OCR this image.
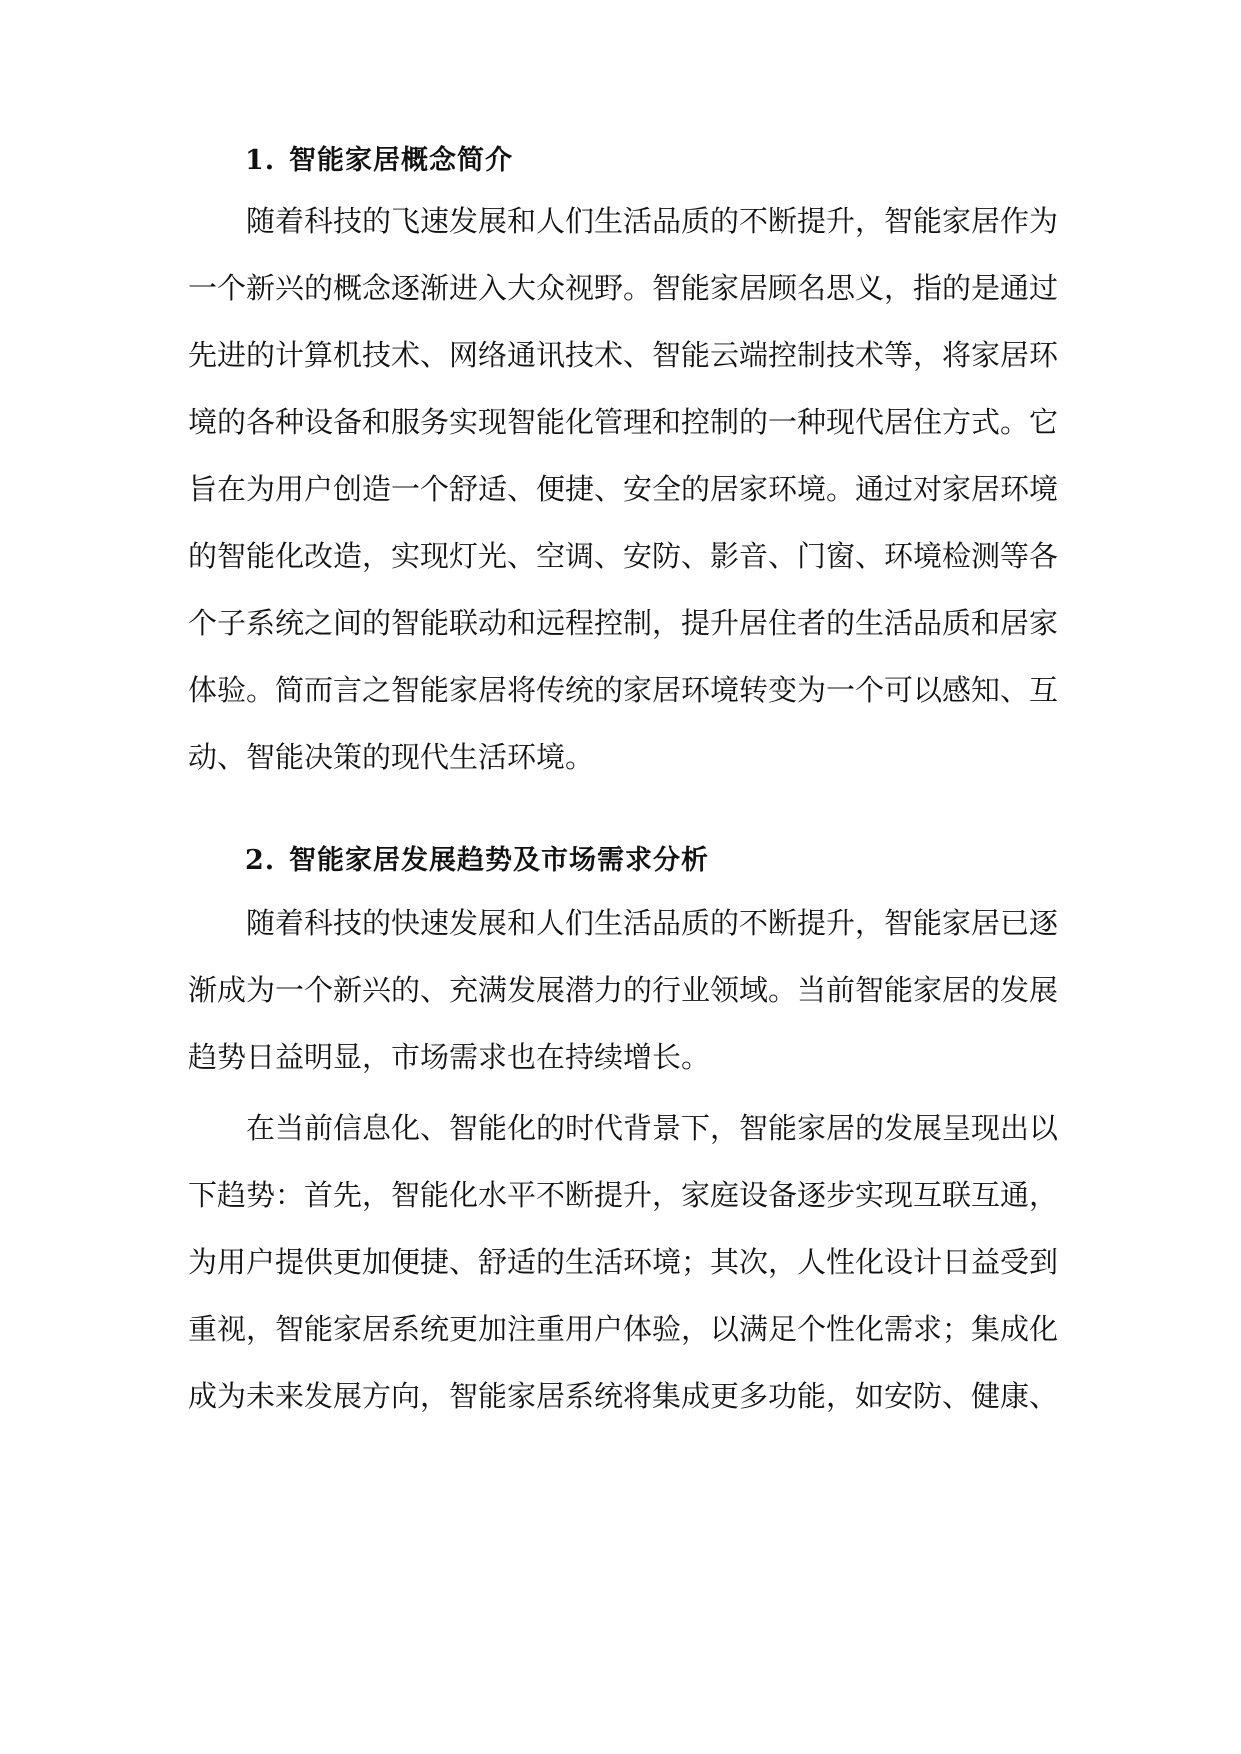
1. 智能家居概念简介
随着科技的飞速发展和人们生活品质的不断提升，智能家居作为
一个新兴的概念逐渐进入大众视野。智能家居顾名思义，指的是通过
先进的计算机技术、网络通讯技术、智能云端控制技术等，将家居环
境的各种设备和服务实现智能化管理和控制的一种现代居住方式。它
旨在为用户创造一个舒适、便捷、安全的居家环境。通过对家居环境
的智能化改造，实现灯光、空调、安防、影音、门窗、环境检测等各
个子系统之间的智能联动和远程控制，提升居住者的生活品质和居家
体验。简而言之智能家居将传统的家居环境转变为一个可以感知、互
动、智能决策的现代生活环境。
2. 智能家居发展趋势及市场需求分析
随着科技的快速发展和人们生活品质的不断提升，智能家居已逐
渐成为一个新兴的、充满发展潜力的行业领域。当前智能家居的发展
趋势日益明显，市场需求也在持续增长。
在当前信息化、智能化的时代背景下，智能家居的发展呈现出以
下趋势：首先，智能化水平不断提升，家庭设备逐步实现互联互通，
为用户提供更加便捷、舒适的生活环境；其次，人性化设计日益受到
重视，智能家居系统更加注重用户体验，以满足个性化需求；集成化
成为未来发展方向，智能家居系统将集成更多功能，如安防、健康、
